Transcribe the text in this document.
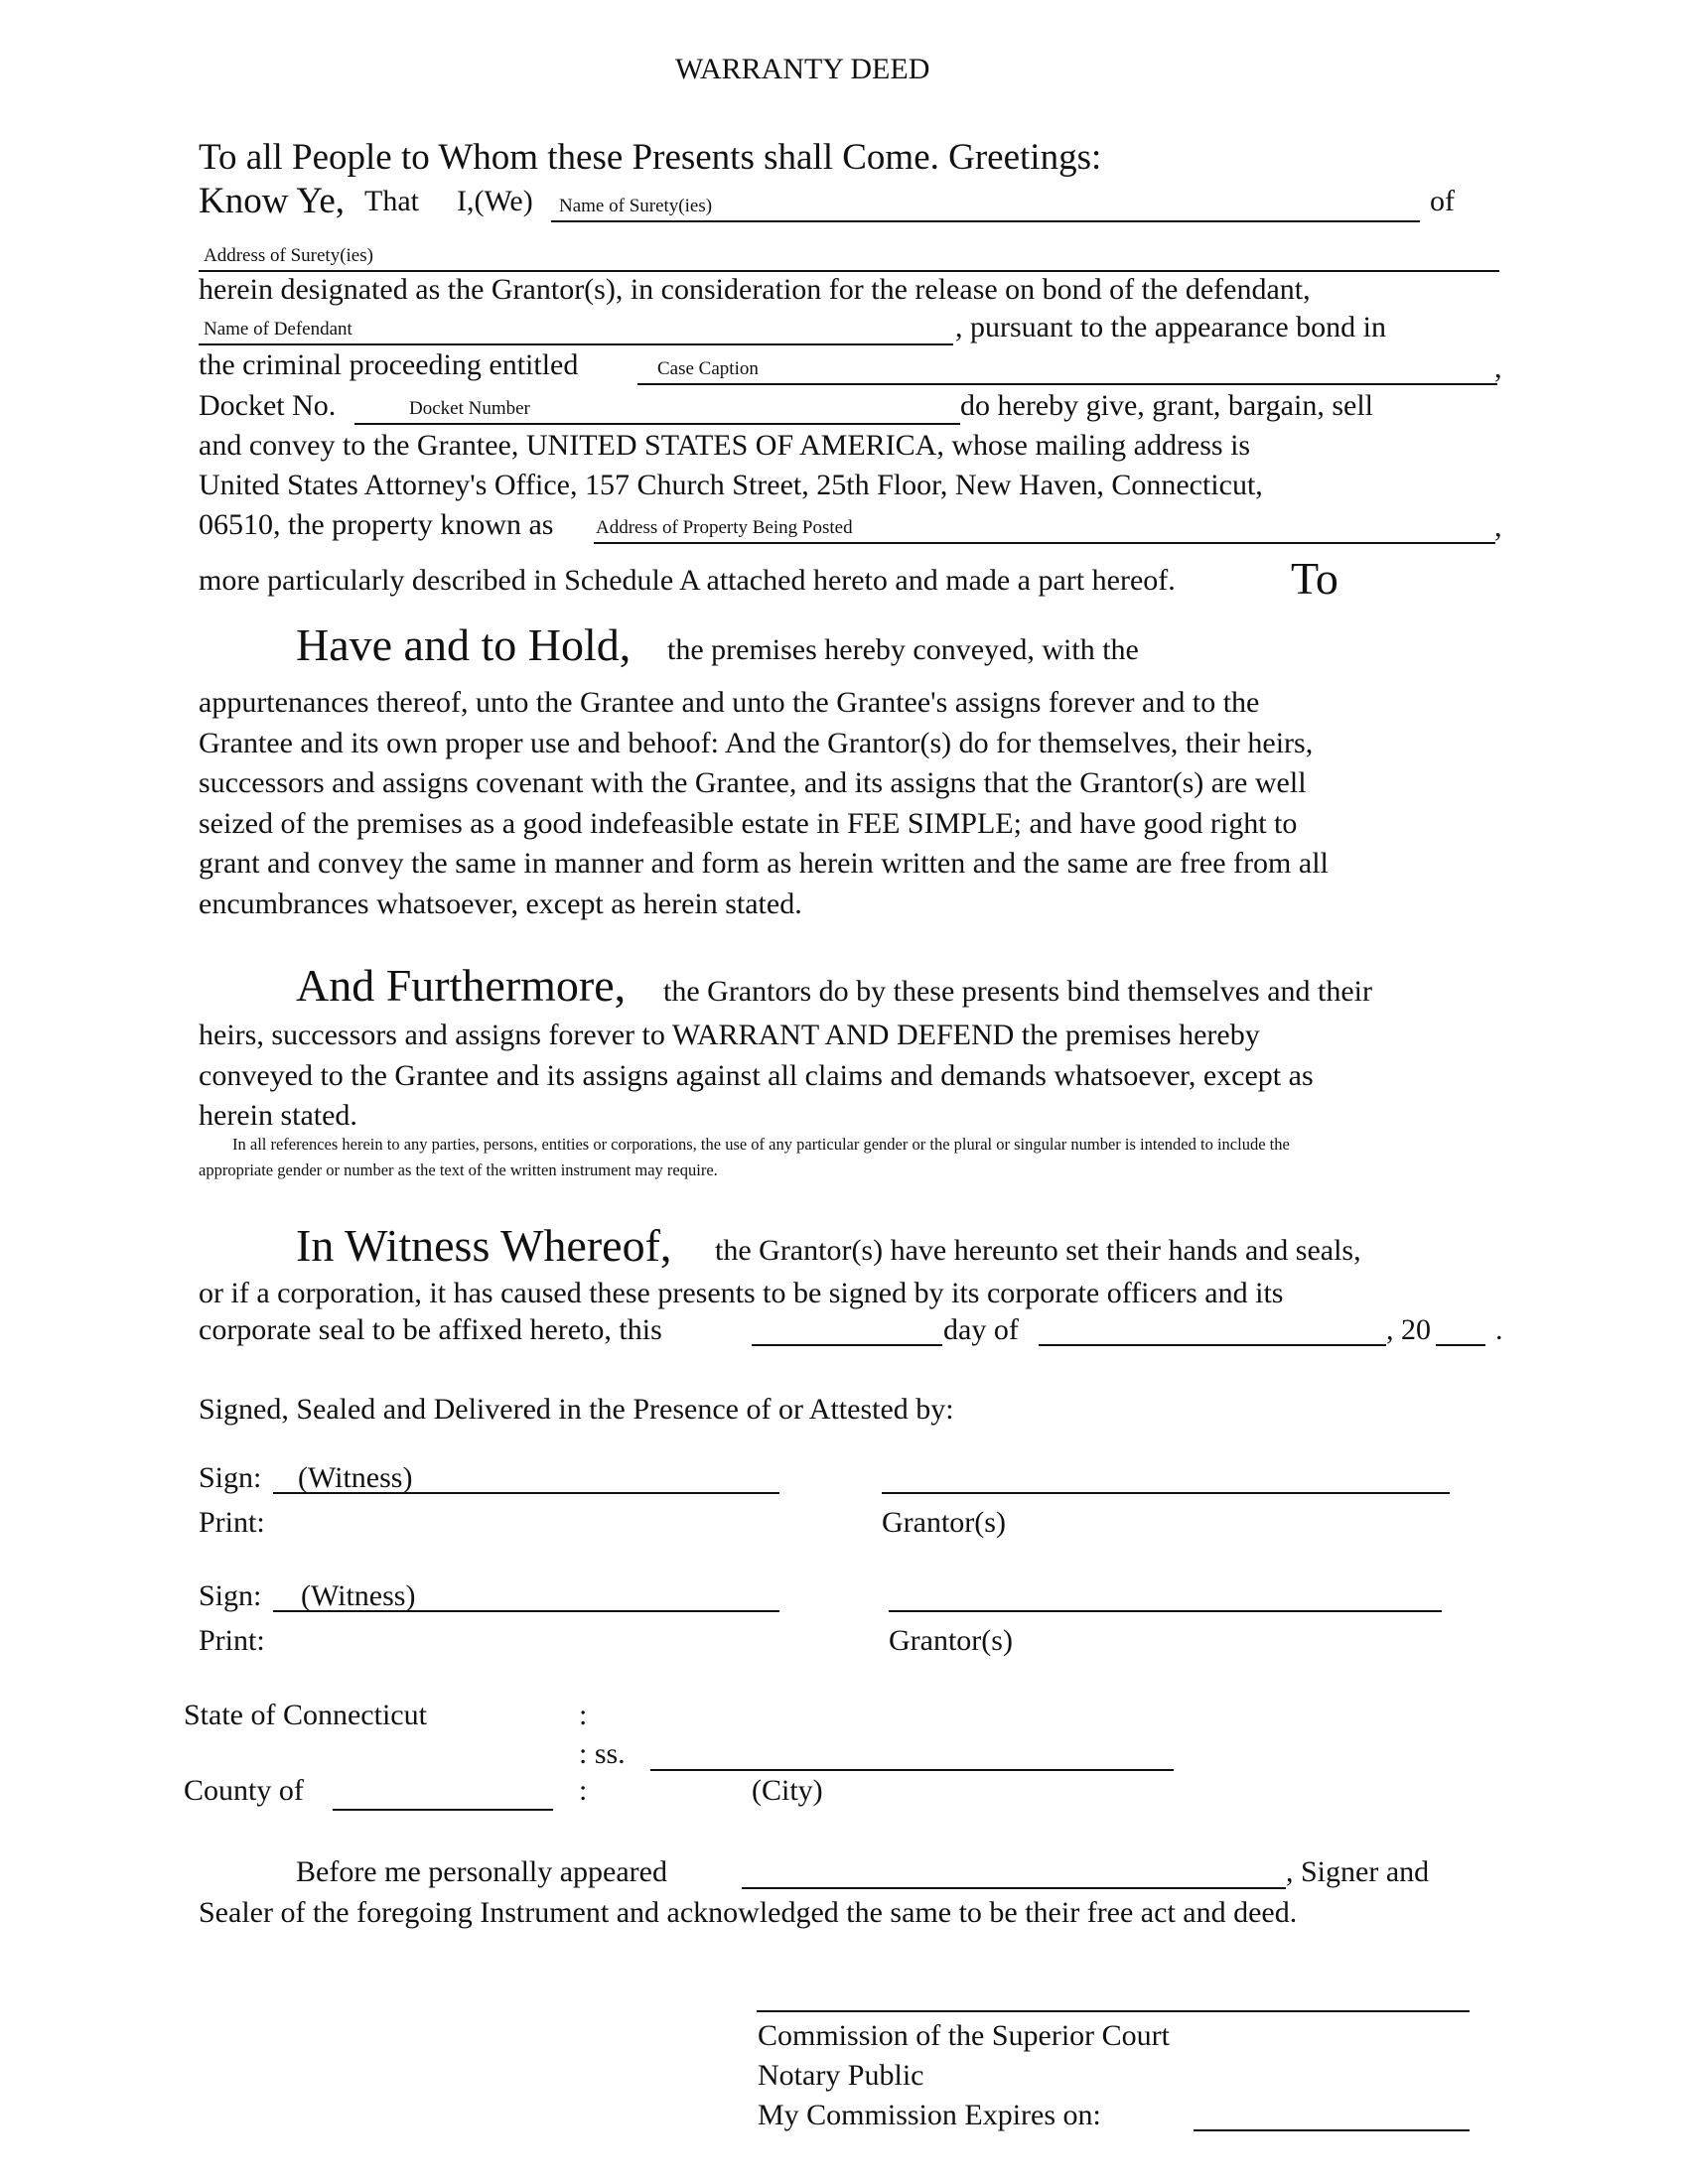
WARRANTY DEED
To all People to Whom these Presents shall Come. Greetings:
Know Ye, That I,(We) Name of Surety(ies)	of
Address of Surety(ies)
herein designated as the Grantor(s), in consideration for the release on bond of the defendant,
Name of Defendant	, pursuant to the appearance bond in
the criminal proceeding entitled	Case Caption	,
Docket No.	Docket Number	do hereby give, grant, bargain, sell
and convey to the Grantee, UNITED STATES OF AMERICA, whose mailing address is
United States Attorney's Office, 157 Church Street, 25th Floor, New Haven, Connecticut,
06510, the property known as Address of Property Being Posted	,
more particularly described in Schedule A attached hereto and made a part hereof.	To
Have and to Hold, the premises hereby conveyed, with the
appurtenances thereof, unto the Grantee and unto the Grantee's assigns forever and to the
Grantee and its own proper use and behoof: And the Grantor(s) do for themselves, their heirs,
successors and assigns covenant with the Grantee, and its assigns that the Grantor(s) are well
seized of the premises as a good indefeasible estate in FEE SIMPLE; and have good right to
grant and convey the same in manner and form as herein written and the same are free from all
encumbrances whatsoever, except as herein stated.
And Furthermore, the Grantors do by these presents bind themselves and their
heirs, successors and assigns forever to WARRANT AND DEFEND the premises hereby
conveyed to the Grantee and its assigns against all claims and demands whatsoever, except as
herein stated.
In all references herein to any parties, persons, entities or corporations, the use of any particular gender or the plural or singular number is intended to include the
appropriate gender or number as the text of the written instrument may require.
In Witness Whereof, the Grantor(s) have hereunto set their hands and seals,
or if a corporation, it has caused these presents to be signed by its corporate officers and its
corporate seal to be affixed hereto, this	day of	, 20 .
Signed, Sealed and Delivered in the Presence of or Attested by:
Sign: (Witness)
Print:	Grantor(s)
Sign: (Witness)
Print:	Grantor(s)
State of Connecticut	:
: ss.
County of	:	(City)
Before me personally appeared	, Signer and
Sealer of the foregoing Instrument and acknowledged the same to be their free act and deed.
Commission of the Superior Court
Notary Public
My Commission Expires on:
